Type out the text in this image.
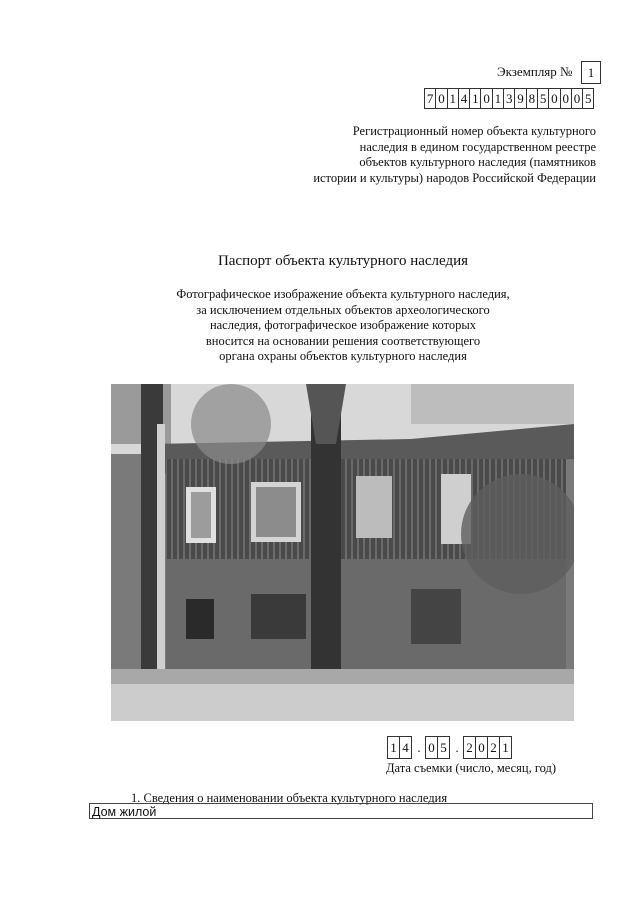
Экземпляр №	1
7 0 1 4 1 0 1 3 9 8 5 0 0 0 5
Регистрационный номер объекта культурного
наследия в едином государственном реестре
объектов культурного наследия (памятников
истории и культуры) народов Российской Федерации
Паспорт объекта культурного наследия
Фотографическое изображение объекта культурного наследия,
за исключением отдельных объектов археологического
наследия, фотографическое изображение которых
вносится на основании решения соответствующего
органа охраны объектов культурного наследия
1 4 . 0 5 . 2 0 2 1
Дата съемки (число, месяц, год)
1. Сведения о наименовании объекта культурного наследия
Дом жилой
